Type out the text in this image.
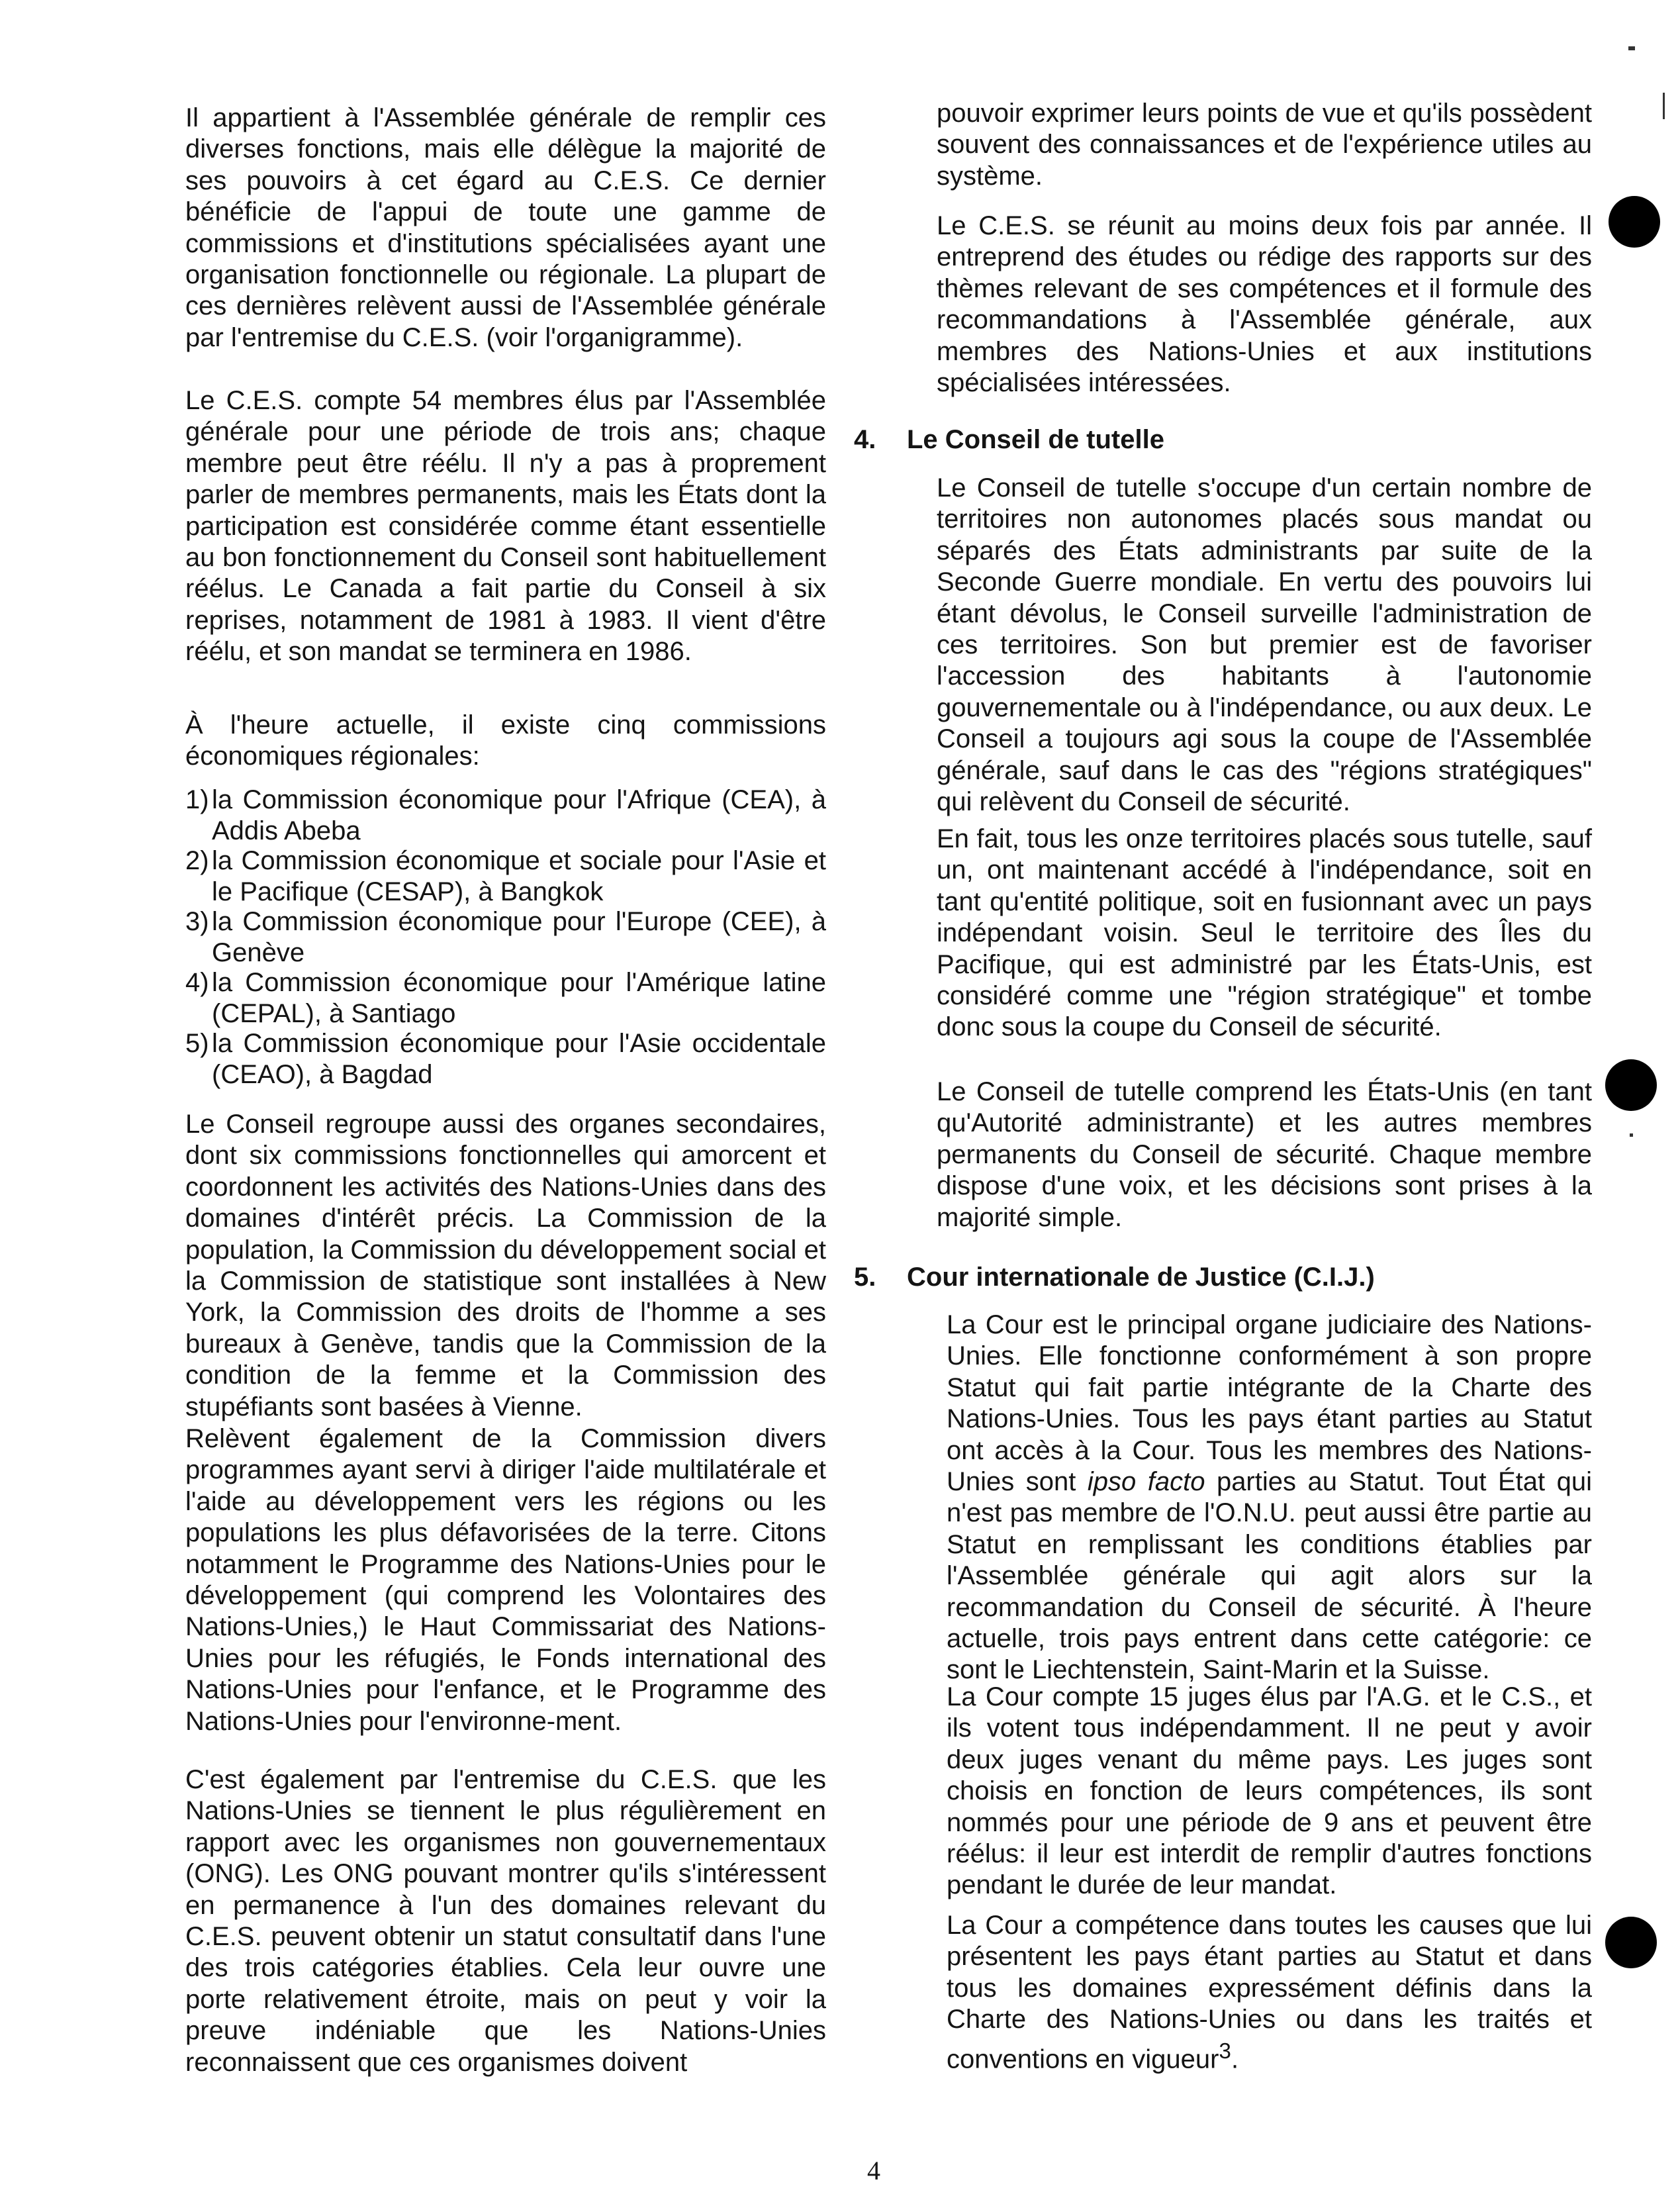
Il appartient à l'Assemblée générale de remplir ces diverses fonctions, mais elle délègue la majorité de ses pouvoirs à cet égard au C.E.S. Ce dernier bénéficie de l'appui de toute une gamme de commissions et d'institutions spécialisées ayant une organisation fonctionnelle ou régionale. La plupart de ces dernières relèvent aussi de l'Assemblée générale par l'entremise du C.E.S. (voir l'organigramme).

Le C.E.S. compte 54 membres élus par l'Assemblée générale pour une période de trois ans; chaque membre peut être réélu. Il n'y a pas à proprement parler de membres permanents, mais les États dont la participation est considérée comme étant essentielle au bon fonctionnement du Conseil sont habituellement réélus. Le Canada a fait partie du Conseil à six reprises, notamment de 1981 à 1983. Il vient d'être réélu, et son mandat se terminera en 1986.

À l'heure actuelle, il existe cinq commissions économiques régionales:

1) la Commission économique pour l'Afrique (CEA), à Addis Abeba
2) la Commission économique et sociale pour l'Asie et le Pacifique (CESAP), à Bangkok
3) la Commission économique pour l'Europe (CEE), à Genève
4) la Commission économique pour l'Amérique latine (CEPAL), à Santiago
5) la Commission économique pour l'Asie occidentale (CEAO), à Bagdad

Le Conseil regroupe aussi des organes secondaires, dont six commissions fonctionnelles qui amorcent et coordonnent les activités des Nations-Unies dans des domaines d'intérêt précis. La Commission de la population, la Commission du développement social et la Commission de statistique sont installées à New York, la Commission des droits de l'homme a ses bureaux à Genève, tandis que la Commission de la condition de la femme et la Commission des stupéfiants sont basées à Vienne.

Relèvent également de la Commission divers programmes ayant servi à diriger l'aide multilatérale et l'aide au développement vers les régions ou les populations les plus défavorisées de la terre. Citons notamment le Programme des Nations-Unies pour le développement (qui comprend les Volontaires des Nations-Unies,) le Haut Commissariat des Nations-Unies pour les réfugiés, le Fonds international des Nations-Unies pour l'enfance, et le Programme des Nations-Unies pour l'environne-ment.

C'est également par l'entremise du C.E.S. que les Nations-Unies se tiennent le plus régulièrement en rapport avec les organismes non gouvernementaux (ONG). Les ONG pouvant montrer qu'ils s'intéressent en permanence à l'un des domaines relevant du C.E.S. peuvent obtenir un statut consultatif dans l'une des trois catégories établies. Cela leur ouvre une porte relativement étroite, mais on peut y voir la preuve indéniable que les Nations-Unies reconnaissent que ces organismes doivent

pouvoir exprimer leurs points de vue et qu'ils possèdent souvent des connaissances et de l'expérience utiles au système.

Le C.E.S. se réunit au moins deux fois par année. Il entreprend des études ou rédige des rapports sur des thèmes relevant de ses compétences et il formule des recommandations à l'Assemblée générale, aux membres des Nations-Unies et aux institutions spécialisées intéressées.

4. Le Conseil de tutelle

Le Conseil de tutelle s'occupe d'un certain nombre de territoires non autonomes placés sous mandat ou séparés des États administrants par suite de la Seconde Guerre mondiale. En vertu des pouvoirs lui étant dévolus, le Conseil surveille l'administration de ces territoires. Son but premier est de favoriser l'accession des habitants à l'autonomie gouvernementale ou à l'indépendance, ou aux deux. Le Conseil a toujours agi sous la coupe de l'Assemblée générale, sauf dans le cas des "régions stratégiques" qui relèvent du Conseil de sécurité.

En fait, tous les onze territoires placés sous tutelle, sauf un, ont maintenant accédé à l'indépendance, soit en tant qu'entité politique, soit en fusionnant avec un pays indépendant voisin. Seul le territoire des Îles du Pacifique, qui est administré par les États-Unis, est considéré comme une "région stratégique" et tombe donc sous la coupe du Conseil de sécurité.

Le Conseil de tutelle comprend les États-Unis (en tant qu'Autorité administrante) et les autres membres permanents du Conseil de sécurité. Chaque membre dispose d'une voix, et les décisions sont prises à la majorité simple.

5. Cour internationale de Justice (C.I.J.)

La Cour est le principal organe judiciaire des Nations-Unies. Elle fonctionne conformément à son propre Statut qui fait partie intégrante de la Charte des Nations-Unies. Tous les pays étant parties au Statut ont accès à la Cour. Tous les membres des Nations-Unies sont ipso facto parties au Statut. Tout État qui n'est pas membre de l'O.N.U. peut aussi être partie au Statut en remplissant les conditions établies par l'Assemblée générale qui agit alors sur la recommandation du Conseil de sécurité. À l'heure actuelle, trois pays entrent dans cette catégorie: ce sont le Liechtenstein, Saint-Marin et la Suisse.

La Cour compte 15 juges élus par l'A.G. et le C.S., et ils votent tous indépendamment. Il ne peut y avoir deux juges venant du même pays. Les juges sont choisis en fonction de leurs compétences, ils sont nommés pour une période de 9 ans et peuvent être réélus: il leur est interdit de remplir d'autres fonctions pendant le durée de leur mandat.

La Cour a compétence dans toutes les causes que lui présentent les pays étant parties au Statut et dans tous les domaines expressément définis dans la Charte des Nations-Unies ou dans les traités et conventions en vigueur$^3$.

4
